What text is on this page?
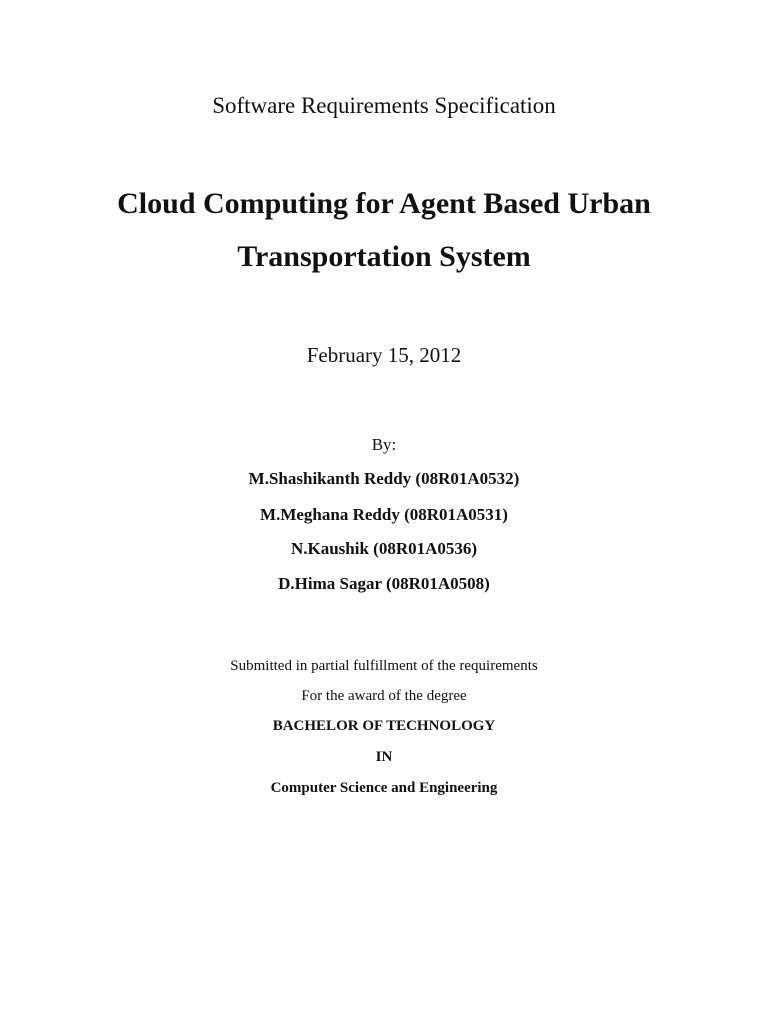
Software Requirements Specification
Cloud Computing for Agent Based Urban
Transportation System
February 15, 2012
By:
M.Shashikanth Reddy (08R01A0532)
M.Meghana Reddy (08R01A0531)
N.Kaushik (08R01A0536)
D.Hima Sagar (08R01A0508)
Submitted in partial fulfillment of the requirements
For the award of the degree
BACHELOR OF TECHNOLOGY
IN
Computer Science and Engineering
